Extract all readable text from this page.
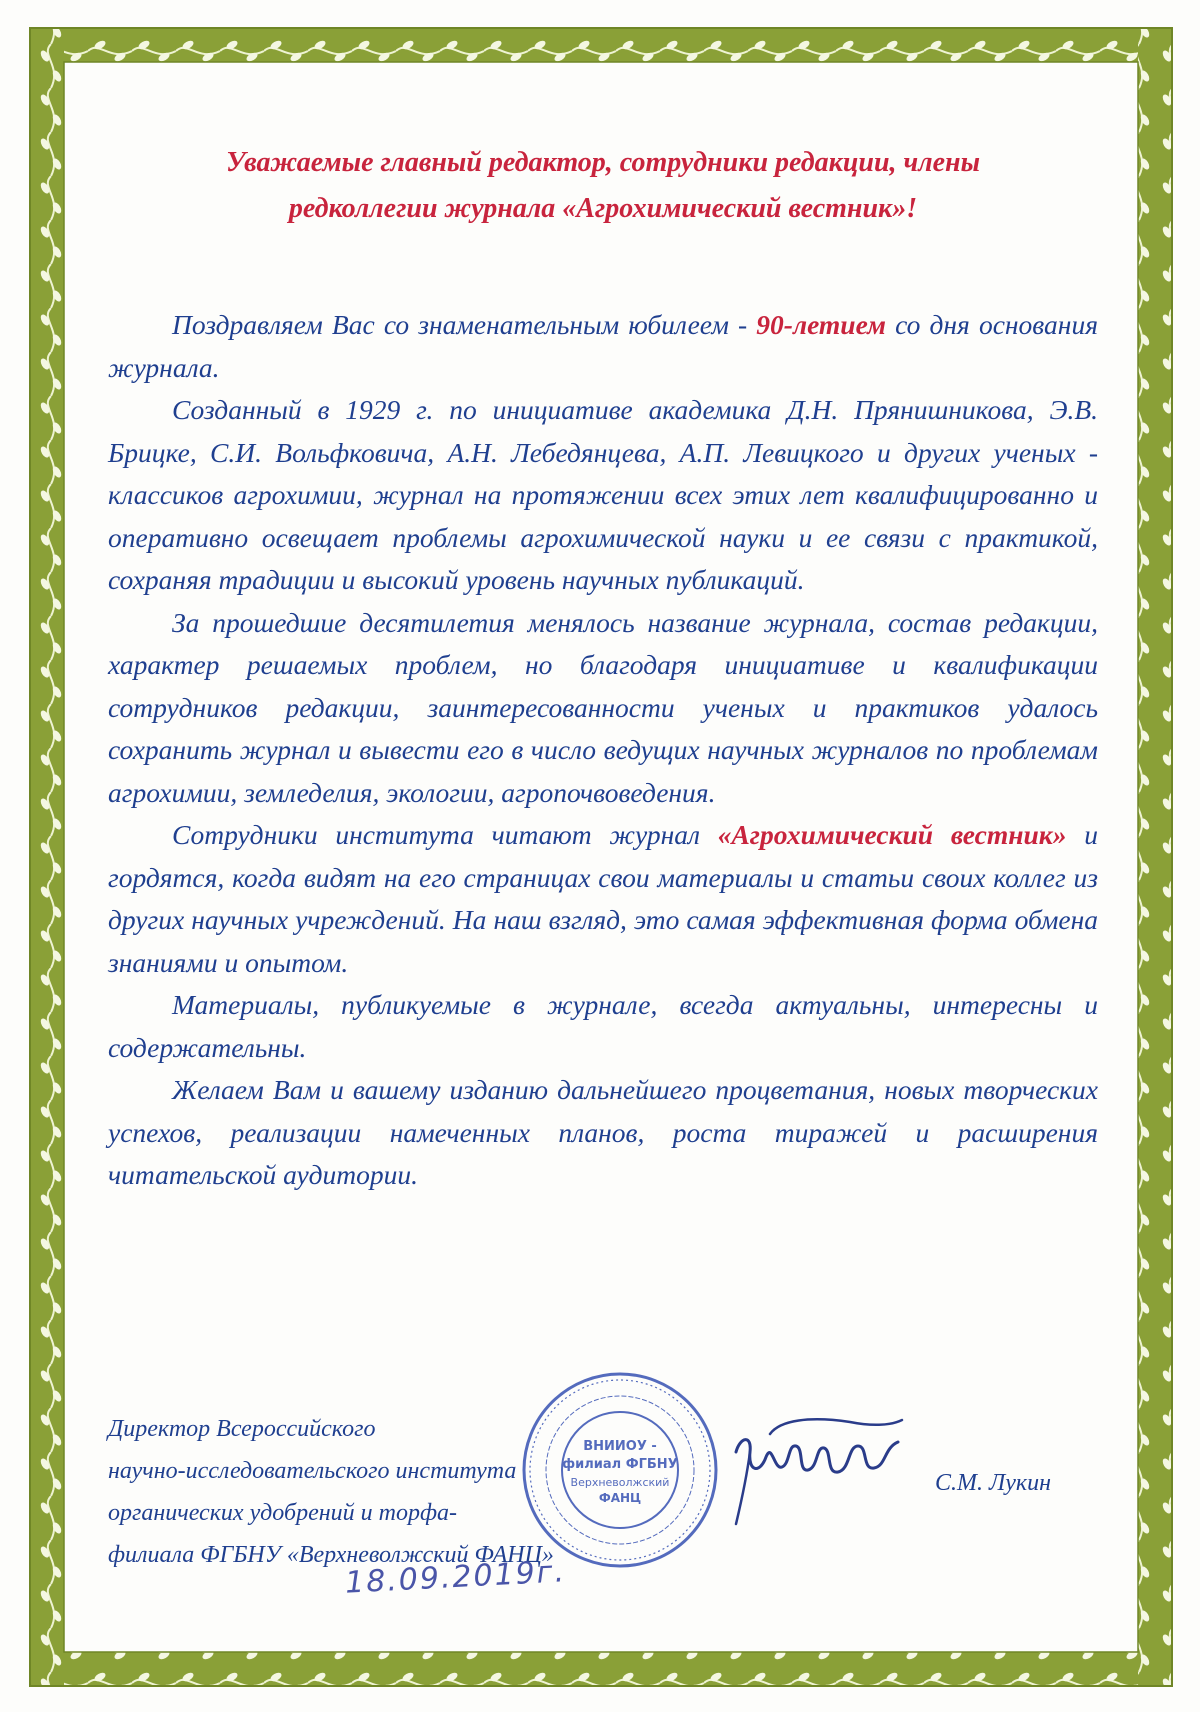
Уважаемые главный редактор, сотрудники редакции, члены
редколлегии журнала «Агрохимический вестник»!

Поздравляем Вас со знаменательным юбилеем - 90-летием со дня основания журнала.

Созданный в 1929 г. по инициативе академика Д.Н. Прянишникова, Э.В. Брицке, С.И. Вольфковича, А.Н. Лебедянцева, А.П. Левицкого и других ученых - классиков агрохимии, журнал на протяжении всех этих лет квалифицированно и оперативно освещает проблемы агрохимической науки и ее связи с практикой, сохраняя традиции и высокий уровень научных публикаций.

За прошедшие десятилетия менялось название журнала, состав редакции, характер решаемых проблем, но благодаря инициативе и квалификации сотрудников редакции, заинтересованности ученых и практиков удалось сохранить журнал и вывести его в число ведущих научных журналов по проблемам агрохимии, земледелия, экологии, агропочвоведения.

Сотрудники института читают журнал «Агрохимический вестник» и гордятся, когда видят на его страницах свои материалы и статьи своих коллег из других научных учреждений. На наш взгляд, это самая эффективная форма обмена знаниями и опытом.

Материалы, публикуемые в журнале, всегда актуальны, интересны и содержательны.

Желаем Вам и вашему изданию дальнейшего процветания, новых творческих успехов, реализации намеченных планов, роста тиражей и расширения читательской аудитории.

Директор Всероссийского
научно-исследовательского института
органических удобрений и торфа-
филиала ФГБНУ «Верхневолжский ФАНЦ»
ВНИИОУ -
филиал ФГБНУ
Верхневолжский
ФАНЦ
С.М. Лукин
18.09.2019г.
